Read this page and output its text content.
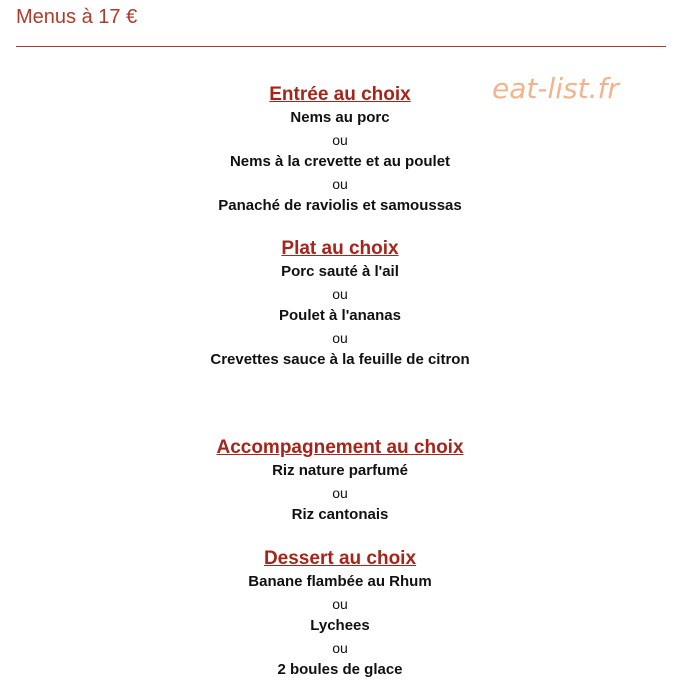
Menus à 17 €
eat-list.fr
Entrée au choix
Nems au porc
ou
Nems à la crevette et au poulet
ou
Panaché de raviolis et samoussas
Plat au choix
Porc sauté à l'ail
ou
Poulet à l'ananas
ou
Crevettes sauce à la feuille de citron
Accompagnement au choix
Riz nature parfumé
ou
Riz cantonais
Dessert au choix
Banane flambée au Rhum
ou
Lychees
ou
2 boules de glace
